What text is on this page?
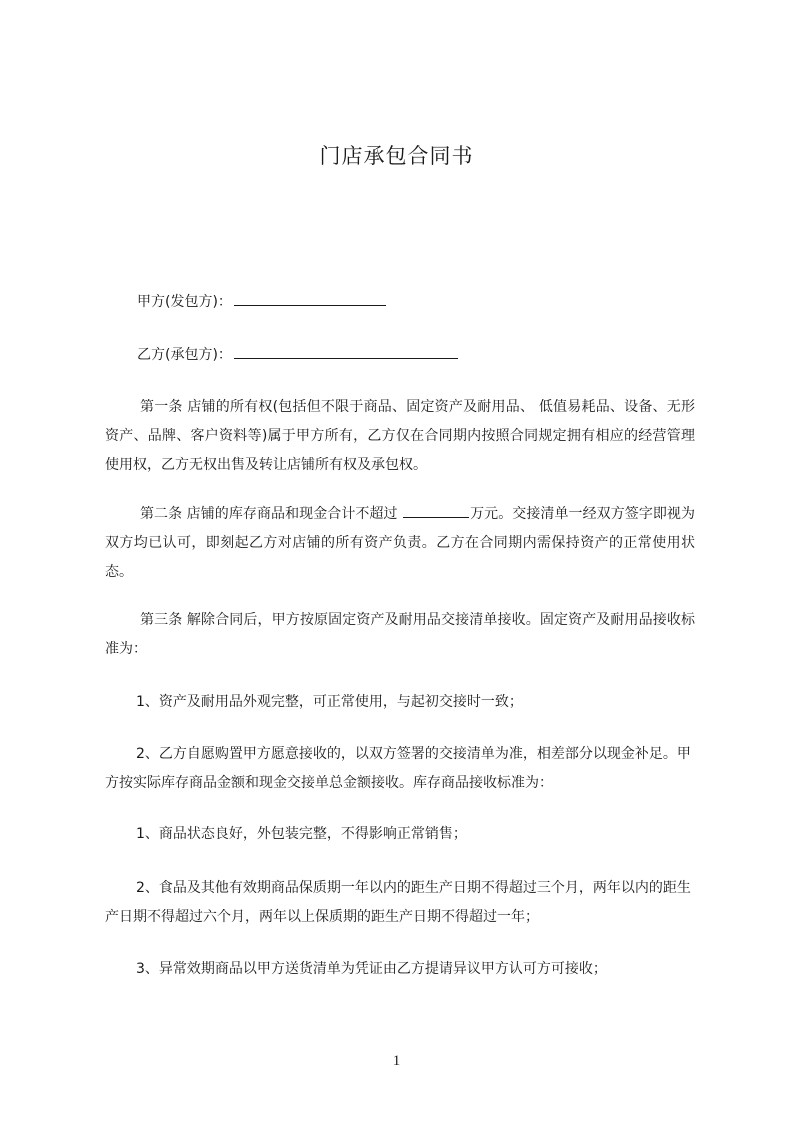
门店承包合同书
甲方(发包方)：
乙方(承包方)：
第一条 店铺的所有权(包括但不限于商品、固定资产及耐用品、 低值易耗品、设备、无形资产、品牌、客户资料等)属于甲方所有，乙方仅在合同期内按照合同规定拥有相应的经营管理使用权，乙方无权出售及转让店铺所有权及承包权。
第二条 店铺的库存商品和现金合计不超过	万元。交接清单一经双方签字即视为双方均已认可，即刻起乙方对店铺的所有资产负责。乙方在合同期内需保持资产的正常使用状态。
第三条 解除合同后，甲方按原固定资产及耐用品交接清单接收。固定资产及耐用品接收标准为：
1、资产及耐用品外观完整，可正常使用，与起初交接时一致；
2、乙方自愿购置甲方愿意接收的，以双方签署的交接清单为准，相差部分以现金补足。甲方按实际库存商品金额和现金交接单总金额接收。库存商品接收标准为：
1、商品状态良好，外包装完整，不得影响正常销售；
2、食品及其他有效期商品保质期一年以内的距生产日期不得超过三个月，两年以内的距生产日期不得超过六个月，两年以上保质期的距生产日期不得超过一年；
3、异常效期商品以甲方送货清单为凭证由乙方提请异议甲方认可方可接收；
1
